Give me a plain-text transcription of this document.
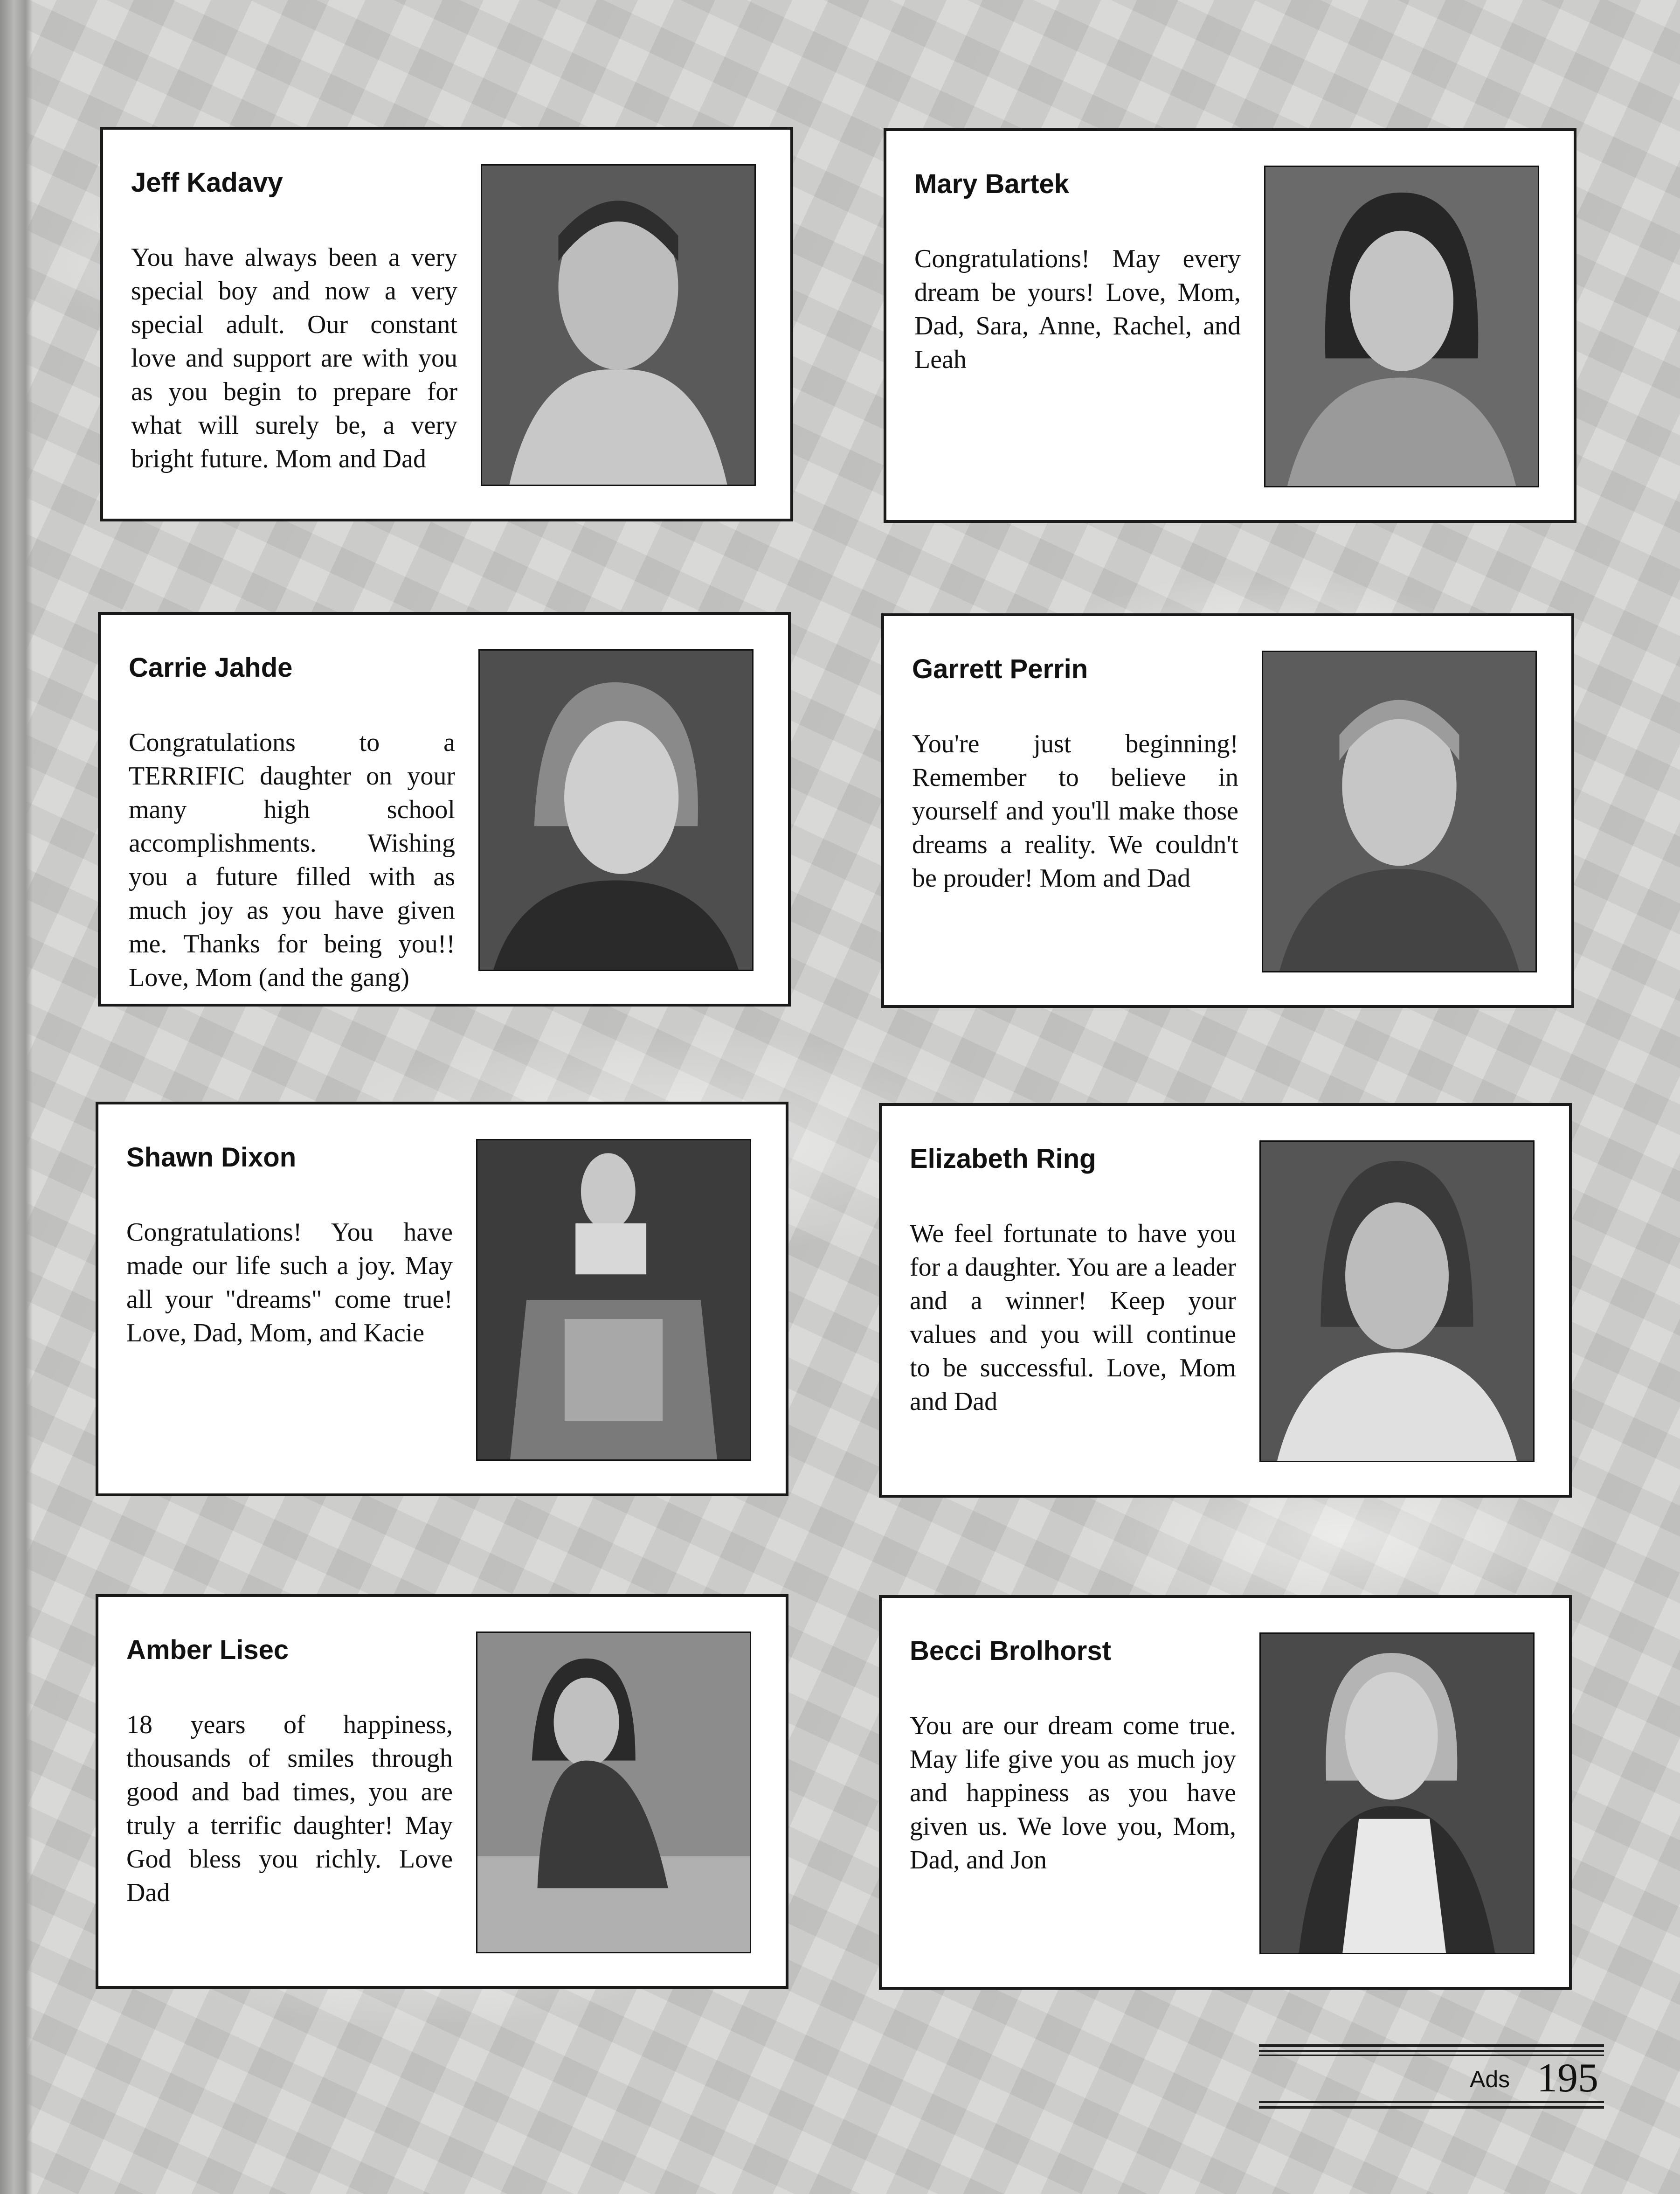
Jeff Kadavy

You have always been a very special boy and now a very special adult. Our constant love and support are with you as you begin to prepare for what will surely be, a very bright future. Mom and Dad

Mary Bartek

Congratulations! May every dream be yours! Love, Mom, Dad, Sara, Anne, Rachel, and Leah

Carrie Jahde

Congratulations to a TERRIFIC daughter on your many high school accomplishments. Wishing you a future filled with as much joy as you have given me. Thanks for being you!! Love, Mom (and the gang)

Garrett Perrin

You're just beginning! Remember to believe in yourself and you'll make those dreams a reality. We couldn't be prouder! Mom and Dad

Shawn Dixon

Congratulations! You have made our life such a joy. May all your "dreams" come true! Love, Dad, Mom, and Kacie

Elizabeth Ring

We feel fortunate to have you for a daughter. You are a leader and a winner! Keep your values and you will continue to be successful. Love, Mom and Dad

Amber Lisec

18 years of happiness, thousands of smiles through good and bad times, you are truly a terrific daughter! May God bless you richly. Love Dad

Becci Brolhorst

You are our dream come true. May life give you as much joy and happiness as you have given us. We love you, Mom, Dad, and Jon

Ads 195
